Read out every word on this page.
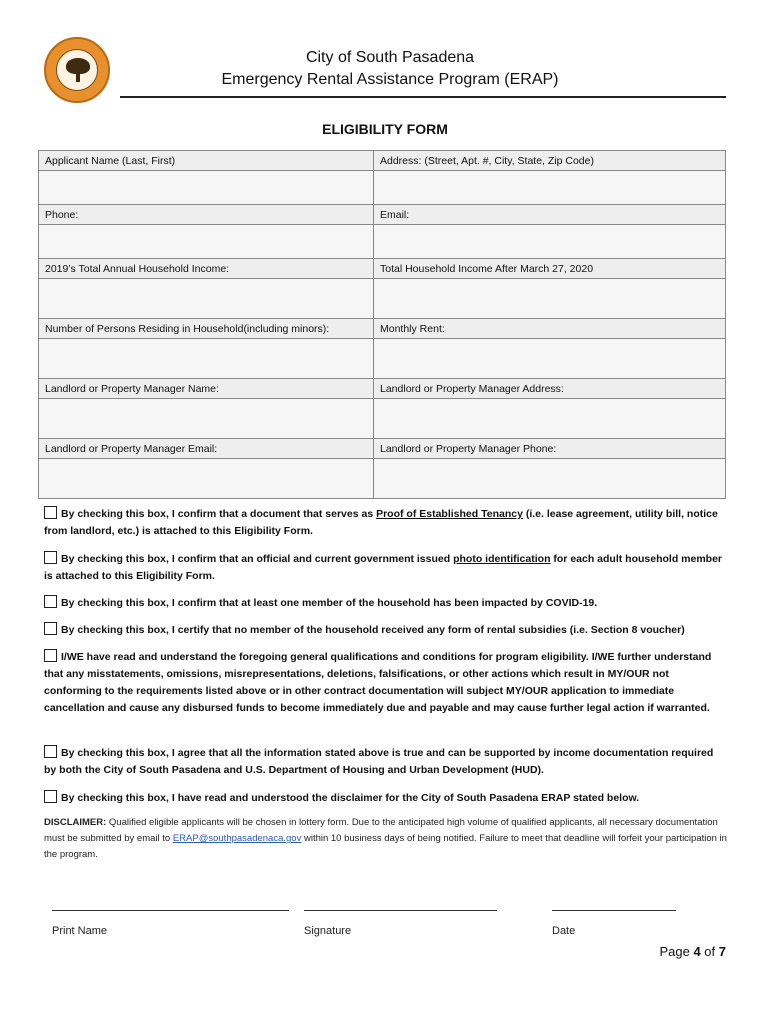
City of South Pasadena
Emergency Rental Assistance Program (ERAP)
ELIGIBILITY FORM
Applicant Name (Last, First)	Address: (Street, Apt. #, City, State, Zip Code)

Phone:	Email:

2019’s Total Annual Household Income:	Total Household Income After March 27, 2020

Number of Persons Residing in Household(including minors):	Monthly Rent:

Landlord or Property Manager Name:	Landlord or Property Manager Address:

Landlord or Property Manager Email:	Landlord or Property Manager Phone:

By checking this box, I confirm that a document that serves as Proof of Established Tenancy (i.e. lease agreement, utility bill, notice from landlord, etc.) is attached to this Eligibility Form.
By checking this box, I confirm that an official and current government issued photo identification for each adult household member is attached to this Eligibility Form.
By checking this box, I confirm that at least one member of the household has been impacted by COVID-19.
By checking this box, I certify that no member of the household received any form of rental subsidies (i.e. Section 8 voucher)
I/WE have read and understand the foregoing general qualifications and conditions for program eligibility. I/WE further understand that any misstatements, omissions, misrepresentations, deletions, falsifications, or other actions which result in MY/OUR not conforming to the requirements listed above or in other contract documentation will subject MY/OUR application to immediate cancellation and cause any disbursed funds to become immediately due and payable and may cause further legal action if warranted.
By checking this box, I agree that all the information stated above is true and can be supported by income documentation required by both the City of South Pasadena and U.S. Department of Housing and Urban Development (HUD).
By checking this box, I have read and understood the disclaimer for the City of South Pasadena ERAP stated below.
DISCLAIMER: Qualified eligible applicants will be chosen in lottery form. Due to the anticipated high volume of qualified applicants, all necessary documentation must be submitted by email to ERAP@southpasadenaca.gov within 10 business days of being notified. Failure to meet that deadline will forfeit your participation in the program.
Print Name	Signature	Date
Page 4 of 7
